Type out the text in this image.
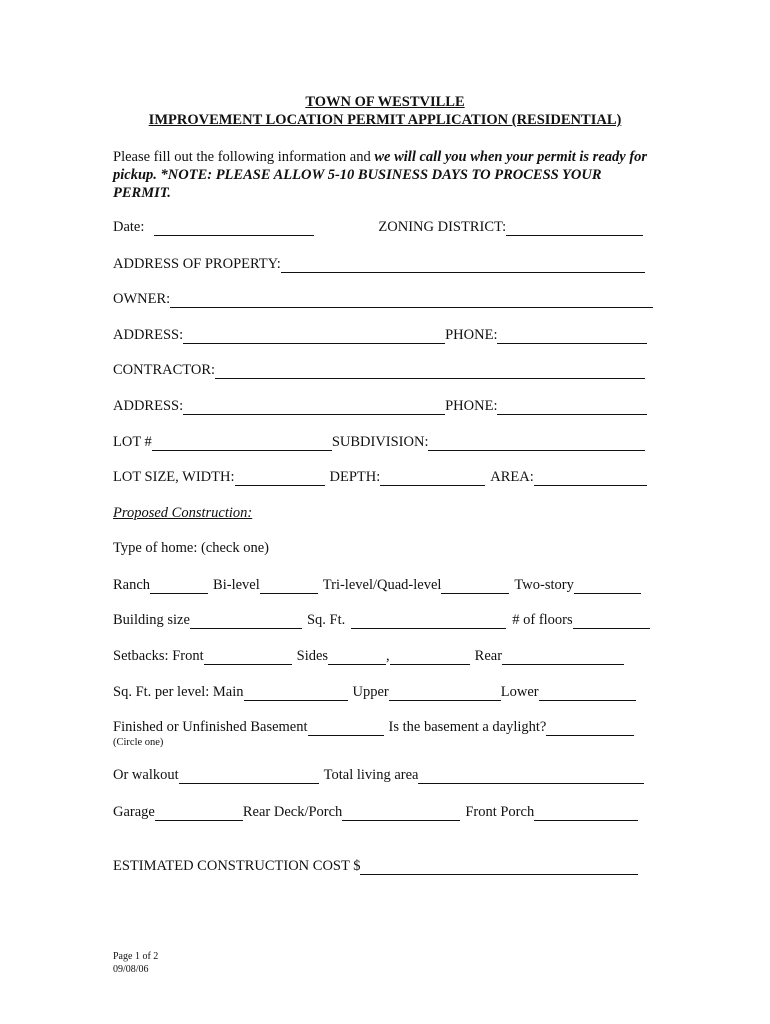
TOWN OF WESTVILLE
IMPROVEMENT LOCATION PERMIT APPLICATION (RESIDENTIAL)
Please fill out the following information and we will call you when your permit is ready for pickup. *NOTE: PLEASE ALLOW 5-10 BUSINESS DAYS TO PROCESS YOUR PERMIT.
Date:	ZONING DISTRICT:
ADDRESS OF PROPERTY:
OWNER:
ADDRESS:	PHONE:
CONTRACTOR:
ADDRESS:	PHONE:
LOT #	SUBDIVISION:
LOT SIZE, WIDTH:	DEPTH:	AREA:
Proposed Construction:
Type of home: (check one)
Ranch	Bi-level	Tri-level/Quad-level	Two-story
Building size	Sq. Ft.	# of floors
Setbacks: Front	Sides	,	Rear
Sq. Ft. per level: Main	Upper	Lower
Finished or Unfinished Basement	Is the basement a daylight?
(Circle one)
Or walkout	Total living area
Garage	Rear Deck/Porch	Front Porch
ESTIMATED CONSTRUCTION COST $
Page 1 of 2
09/08/06
